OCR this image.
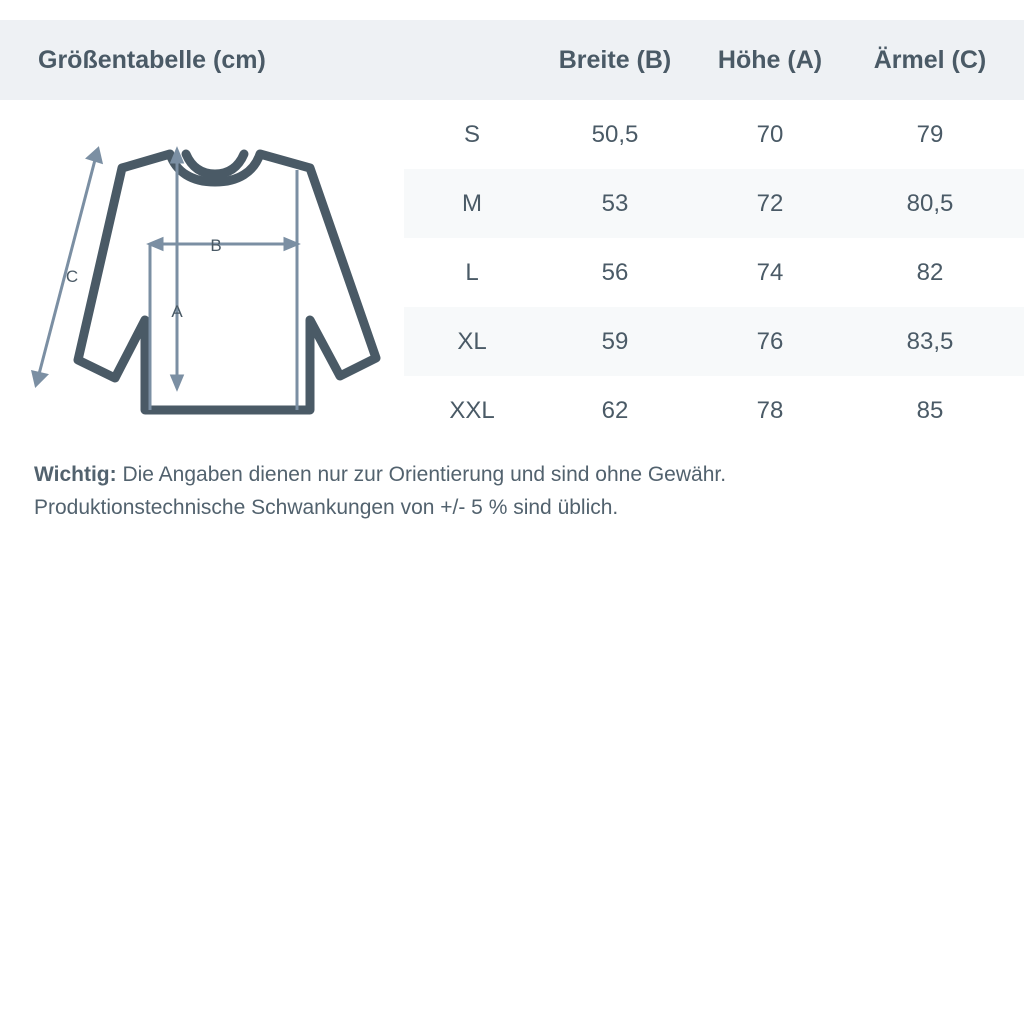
Größentabelle (cm)	Breite (B)	Höhe (A)	Ärmel (C)
B
A
C
S	50,5	70	79
M	53	72	80,5
L	56	74	82
XL	59	76	83,5
XXL	62	78	85
Wichtig: Die Angaben dienen nur zur Orientierung und sind ohne Gewähr.
Produktionstechnische Schwankungen von +/- 5 % sind üblich.
